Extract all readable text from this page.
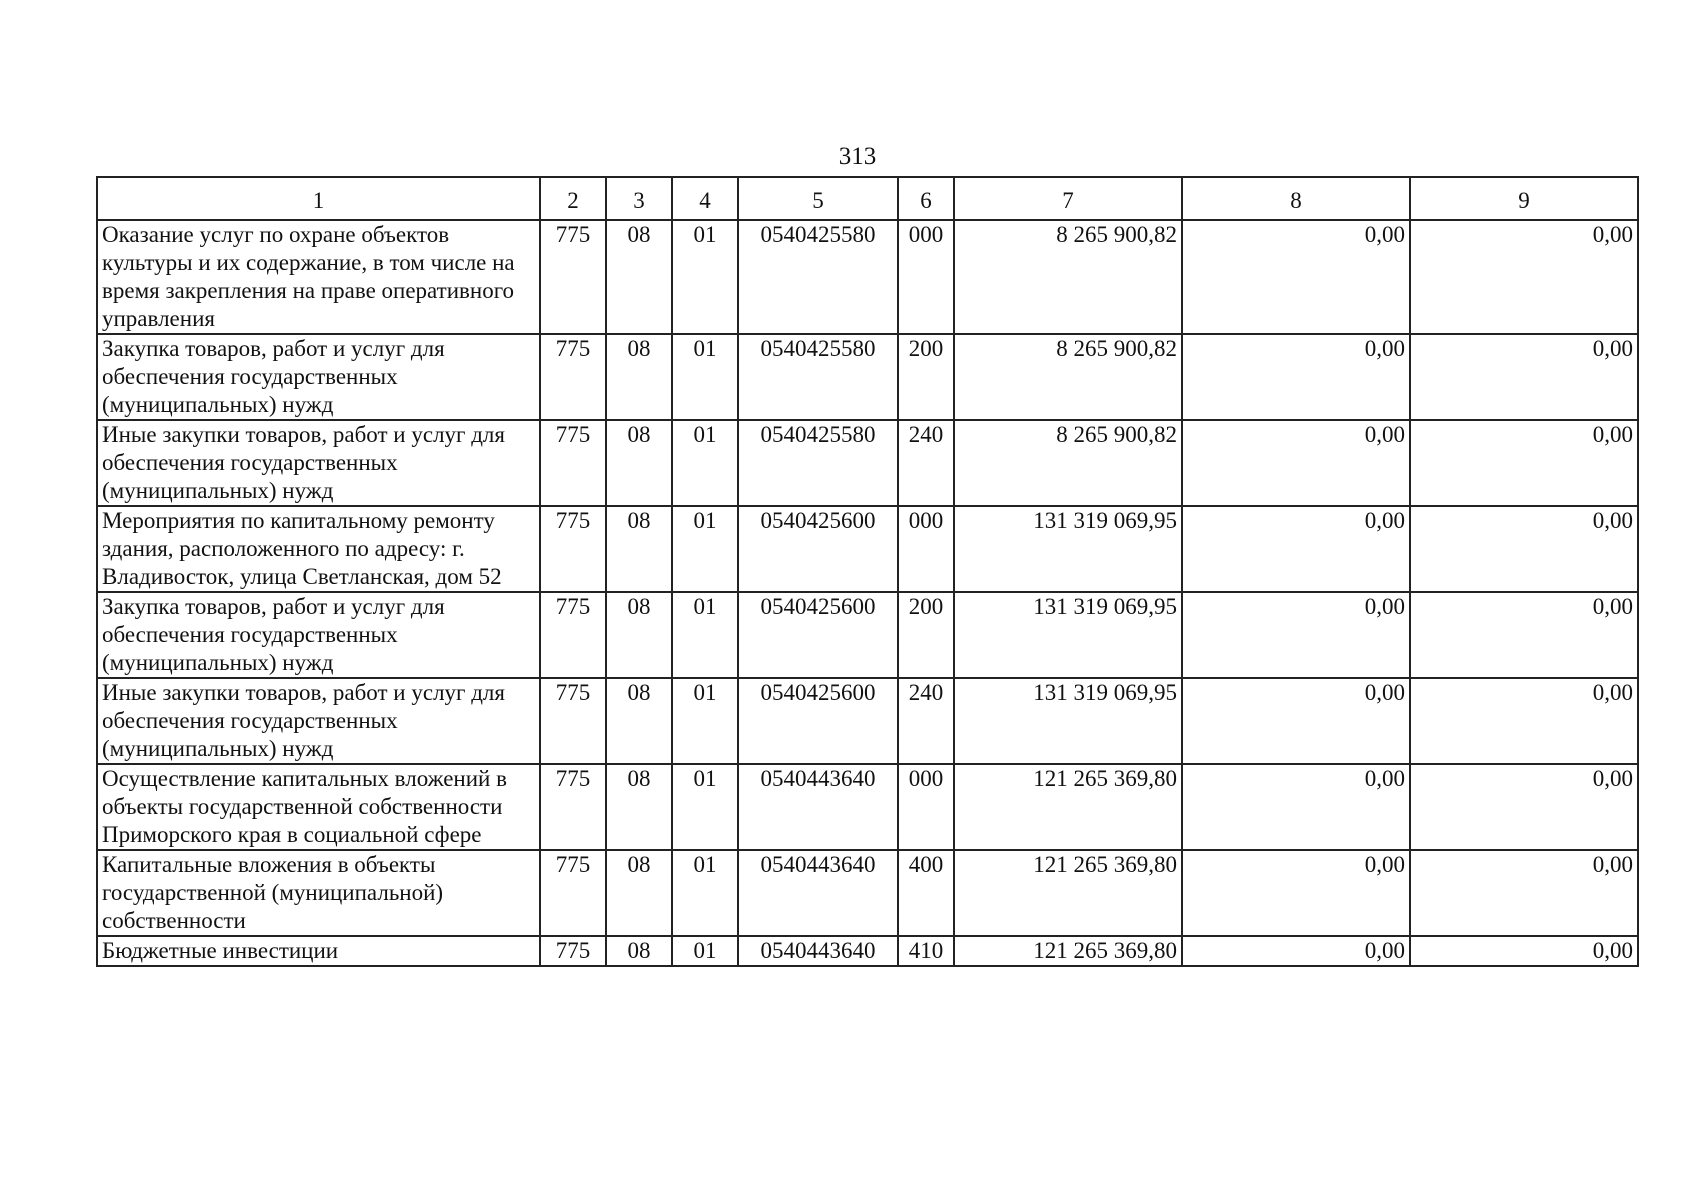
313
1	2	3	4	5	6	7	8	9
Оказание услуг по охране объектов культуры и их содержание, в том числе на время закрепления на праве оперативного управления	775	08	01	0540425580	000	8 265 900,82	0,00	0,00
Закупка товаров, работ и услуг для обеспечения государственных (муниципальных) нужд	775	08	01	0540425580	200	8 265 900,82	0,00	0,00
Иные закупки товаров, работ и услуг для обеспечения государственных (муниципальных) нужд	775	08	01	0540425580	240	8 265 900,82	0,00	0,00
Мероприятия по капитальному ремонту здания, расположенного по адресу: г. Владивосток, улица Светланская, дом 52	775	08	01	0540425600	000	131 319 069,95	0,00	0,00
Закупка товаров, работ и услуг для обеспечения государственных (муниципальных) нужд	775	08	01	0540425600	200	131 319 069,95	0,00	0,00
Иные закупки товаров, работ и услуг для обеспечения государственных (муниципальных) нужд	775	08	01	0540425600	240	131 319 069,95	0,00	0,00
Осуществление капитальных вложений в объекты государственной собственности Приморского края в социальной сфере	775	08	01	0540443640	000	121 265 369,80	0,00	0,00
Капитальные вложения в объекты государственной (муниципальной) собственности	775	08	01	0540443640	400	121 265 369,80	0,00	0,00
Бюджетные инвестиции	775	08	01	0540443640	410	121 265 369,80	0,00	0,00
